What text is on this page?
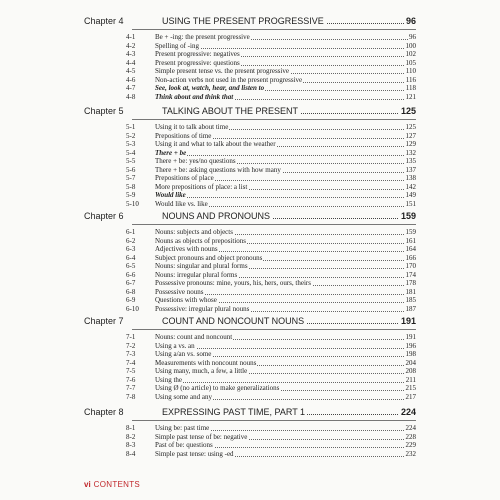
Chapter 4	USING THE PRESENT PROGRESSIVE	96
4-1	Be + -ing: the present progressive	96
4-2	Spelling of -ing	100
4-3	Present progressive: negatives	102
4-4	Present progressive: questions	105
4-5	Simple present tense vs. the present progressive	110
4-6	Non-action verbs not used in the present progressive	116
4-7	See, look at, watch, hear, and listen to	118
4-8	Think about and think that	121
Chapter 5	TALKING ABOUT THE PRESENT	125
5-1	Using it to talk about time	125
5-2	Prepositions of time	127
5-3	Using it and what to talk about the weather	129
5-4	There + be	132
5-5	There + be: yes/no questions	135
5-6	There + be: asking questions with how many	137
5-7	Prepositions of place	138
5-8	More prepositions of place: a list	142
5-9	Would like	149
5-10	Would like vs. like	151
Chapter 6	NOUNS AND PRONOUNS	159
6-1	Nouns: subjects and objects	159
6-2	Nouns as objects of prepositions	161
6-3	Adjectives with nouns	164
6-4	Subject pronouns and object pronouns	166
6-5	Nouns: singular and plural forms	170
6-6	Nouns: irregular plural forms	174
6-7	Possessive pronouns: mine, yours, his, hers, ours, theirs	178
6-8	Possessive nouns	181
6-9	Questions with whose	185
6-10	Possessive: irregular plural nouns	187
Chapter 7	COUNT AND NONCOUNT NOUNS	191
7-1	Nouns: count and noncount	191
7-2	Using a vs. an	196
7-3	Using a/an vs. some	198
7-4	Measurements with noncount nouns	204
7-5	Using many, much, a few, a little	208
7-6	Using the	211
7-7	Using Ø (no article) to make generalizations	215
7-8	Using some and any	217
Chapter 8	EXPRESSING PAST TIME, PART 1	224
8-1	Using be: past time	224
8-2	Simple past tense of be: negative	228
8-3	Past of be: questions	229
8-4	Simple past tense: using -ed	232
vi CONTENTS
